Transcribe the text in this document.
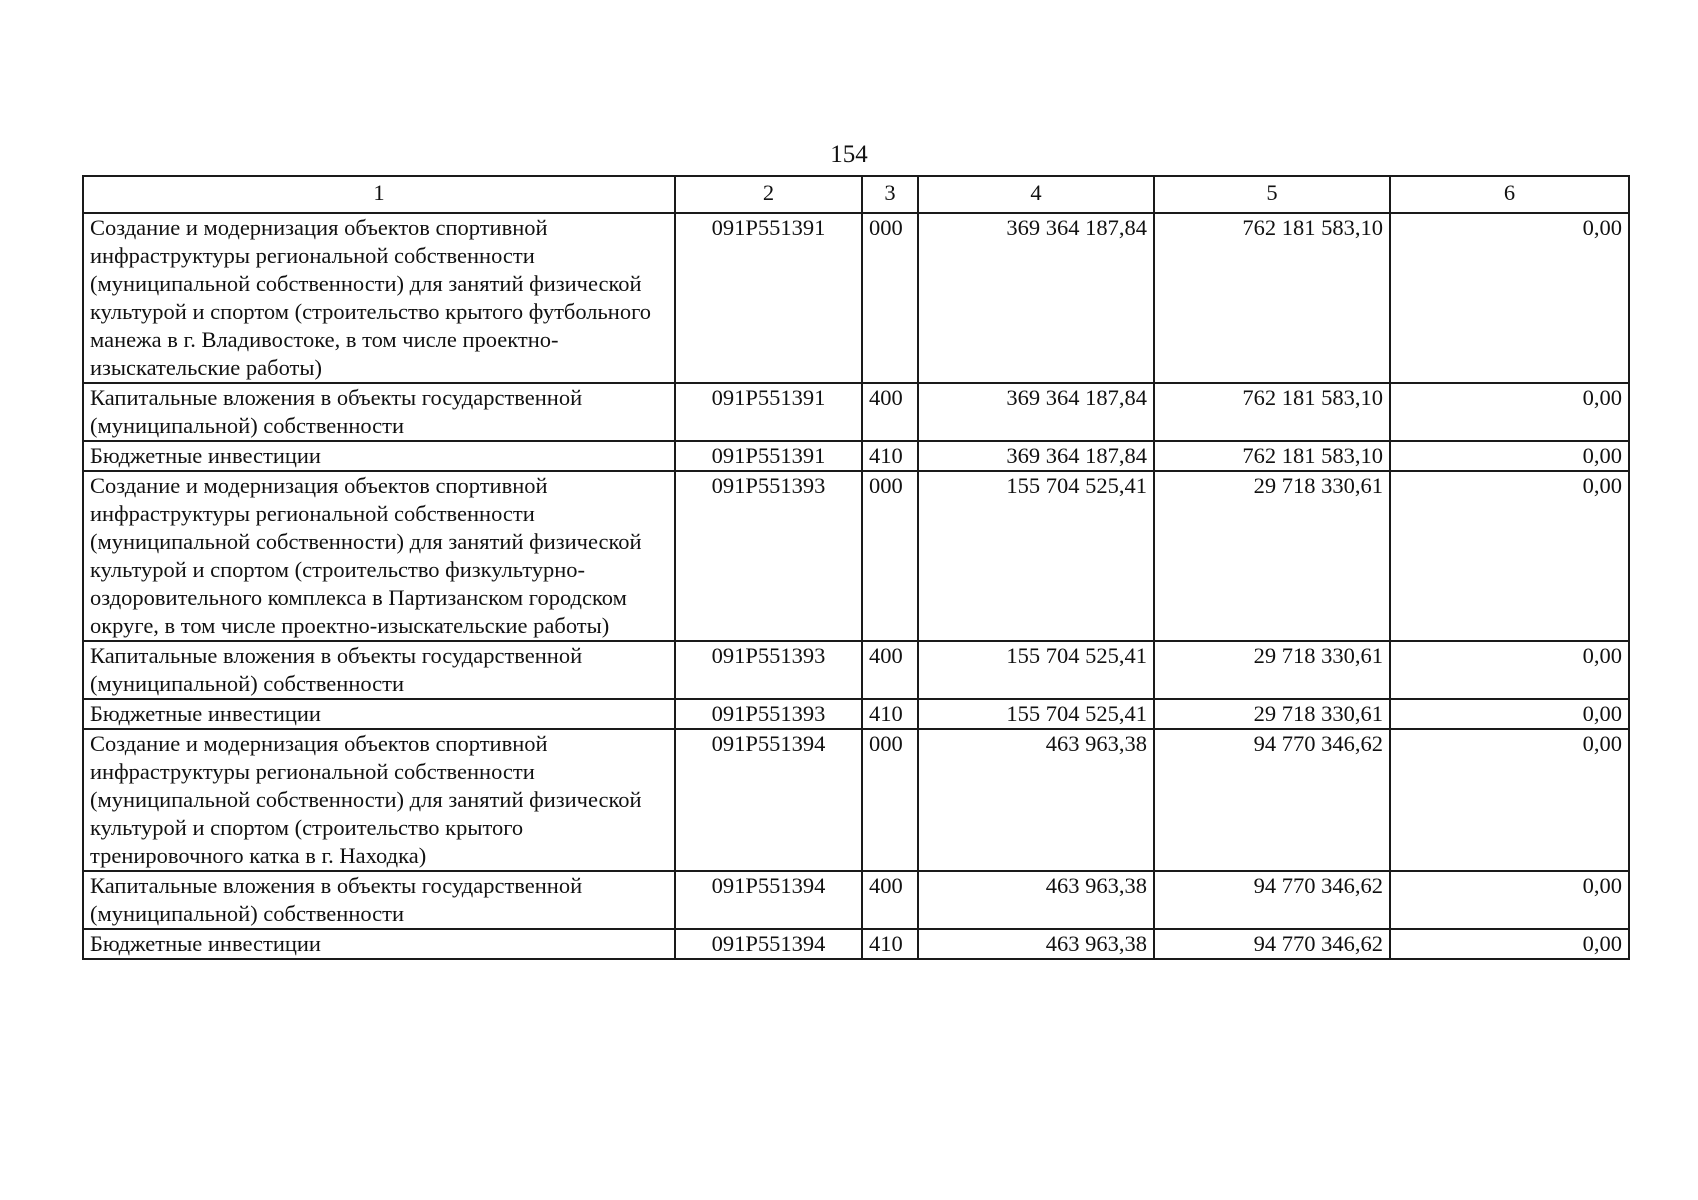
154
1	2	3	4	5	6
Создание и модернизация объектов спортивной инфраструктуры региональной собственности (муниципальной собственности) для занятий физической культурой и спортом (строительство крытого футбольного манежа в г. Владивостоке, в том числе проектно-изыскательские работы)	091P551391	000	369 364 187,84	762 181 583,10	0,00
Капитальные вложения в объекты государственной (муниципальной) собственности	091P551391	400	369 364 187,84	762 181 583,10	0,00
Бюджетные инвестиции	091P551391	410	369 364 187,84	762 181 583,10	0,00
Создание и модернизация объектов спортивной инфраструктуры региональной собственности (муниципальной собственности) для занятий физической культурой и спортом (строительство физкультурно-оздоровительного комплекса в Партизанском городском округе, в том числе проектно-изыскательские работы)	091P551393	000	155 704 525,41	29 718 330,61	0,00
Капитальные вложения в объекты государственной (муниципальной) собственности	091P551393	400	155 704 525,41	29 718 330,61	0,00
Бюджетные инвестиции	091P551393	410	155 704 525,41	29 718 330,61	0,00
Создание и модернизация объектов спортивной инфраструктуры региональной собственности (муниципальной собственности) для занятий физической культурой и спортом (строительство крытого тренировочного катка в г. Находка)	091P551394	000	463 963,38	94 770 346,62	0,00
Капитальные вложения в объекты государственной (муниципальной) собственности	091P551394	400	463 963,38	94 770 346,62	0,00
Бюджетные инвестиции	091P551394	410	463 963,38	94 770 346,62	0,00
